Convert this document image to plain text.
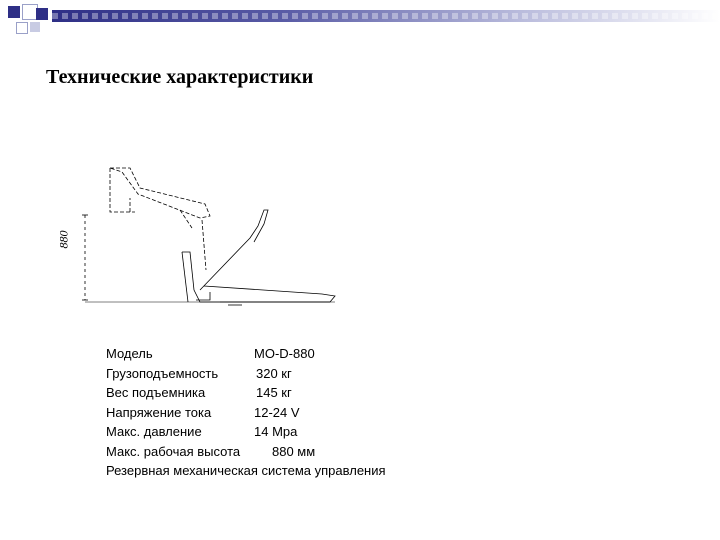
Технические характеристики
880
Модель	MO-D-880
Грузоподъемность	320 кг
Вес подъемника	145 кг
Напряжение тока	12-24 V
Макс. давление	14 Mpa
Макс. рабочая высота 880 мм
Резервная механическая система управления
